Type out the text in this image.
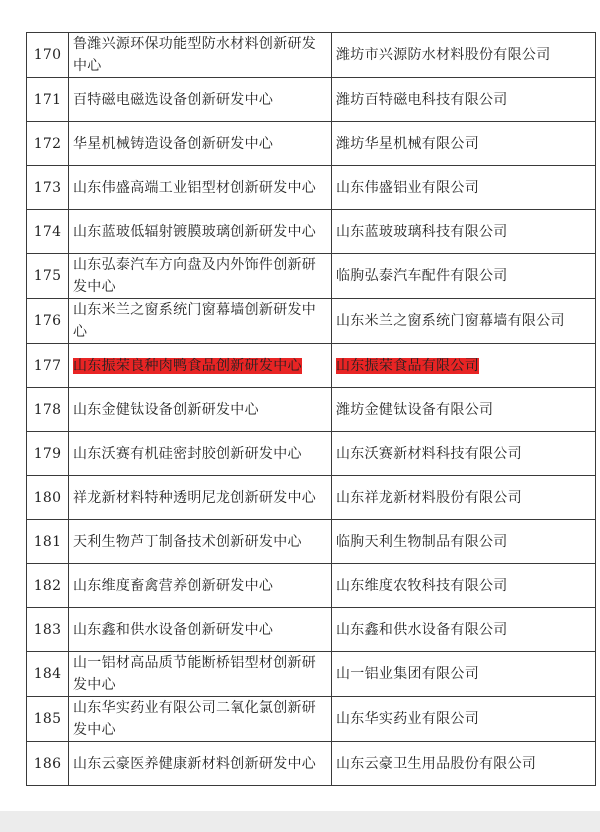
170	鲁潍兴源环保功能型防水材料创新研发中心	潍坊市兴源防水材料股份有限公司
171	百特磁电磁选设备创新研发中心	潍坊百特磁电科技有限公司
172	华星机械铸造设备创新研发中心	潍坊华星机械有限公司
173	山东伟盛高端工业铝型材创新研发中心	山东伟盛铝业有限公司
174	山东蓝玻低辐射镀膜玻璃创新研发中心	山东蓝玻玻璃科技有限公司
175	山东弘泰汽车方向盘及内外饰件创新研发中心	临朐弘泰汽车配件有限公司
176	山东米兰之窗系统门窗幕墙创新研发中心	山东米兰之窗系统门窗幕墙有限公司
177	山东振荣良种肉鸭食品创新研发中心	山东振荣食品有限公司
178	山东金健钛设备创新研发中心	潍坊金健钛设备有限公司
179	山东沃赛有机硅密封胶创新研发中心	山东沃赛新材料科技有限公司
180	祥龙新材料特种透明尼龙创新研发中心	山东祥龙新材料股份有限公司
181	天利生物芦丁制备技术创新研发中心	临朐天利生物制品有限公司
182	山东维度畜禽营养创新研发中心	山东维度农牧科技有限公司
183	山东鑫和供水设备创新研发中心	山东鑫和供水设备有限公司
184	山一铝材高品质节能断桥铝型材创新研发中心	山一铝业集团有限公司
185	山东华实药业有限公司二氧化氯创新研发中心	山东华实药业有限公司
186	山东云豪医养健康新材料创新研发中心	山东云豪卫生用品股份有限公司
